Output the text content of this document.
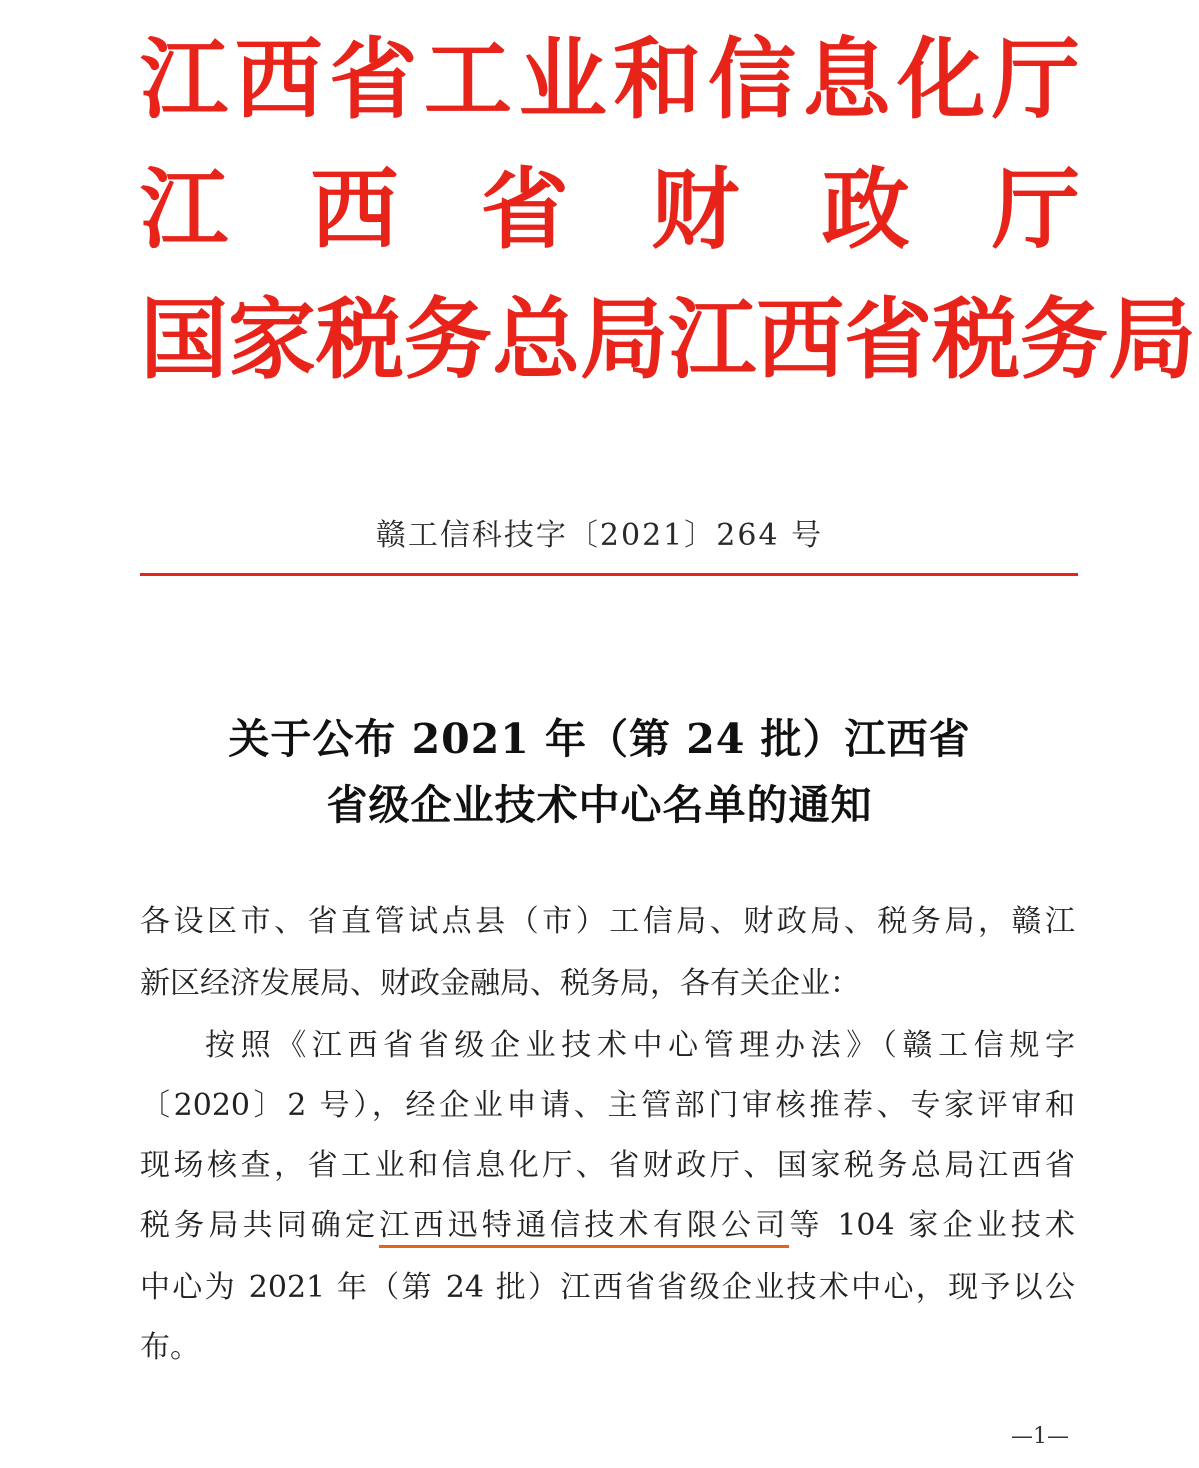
江 西 省 工 业 和 信 息 化 厅
江 西 省 财 政 厅
国 家 税 务 总 局 江 西 省 税 务 局
赣工信科技字〔2021〕264 号
关于公布 2021 年（第 24 批）江西省
省级企业技术中心名单的通知
各设区市、省直管试点县（市）工信局、财政局、税务局，赣江
新区经济发展局、财政金融局、税务局，各有关企业：
按照《江西省省级企业技术中心管理办法》（赣工信规字
〔2020〕2 号），经企业申请、主管部门审核推荐、专家评审和
现场核查，省工业和信息化厅、省财政厅、国家税务总局江西省
税务局共同确定江西迅特通信技术有限公司等 104 家企业技术
中心为 2021 年（第 24 批）江西省省级企业技术中心，现予以公
布。
—1—
